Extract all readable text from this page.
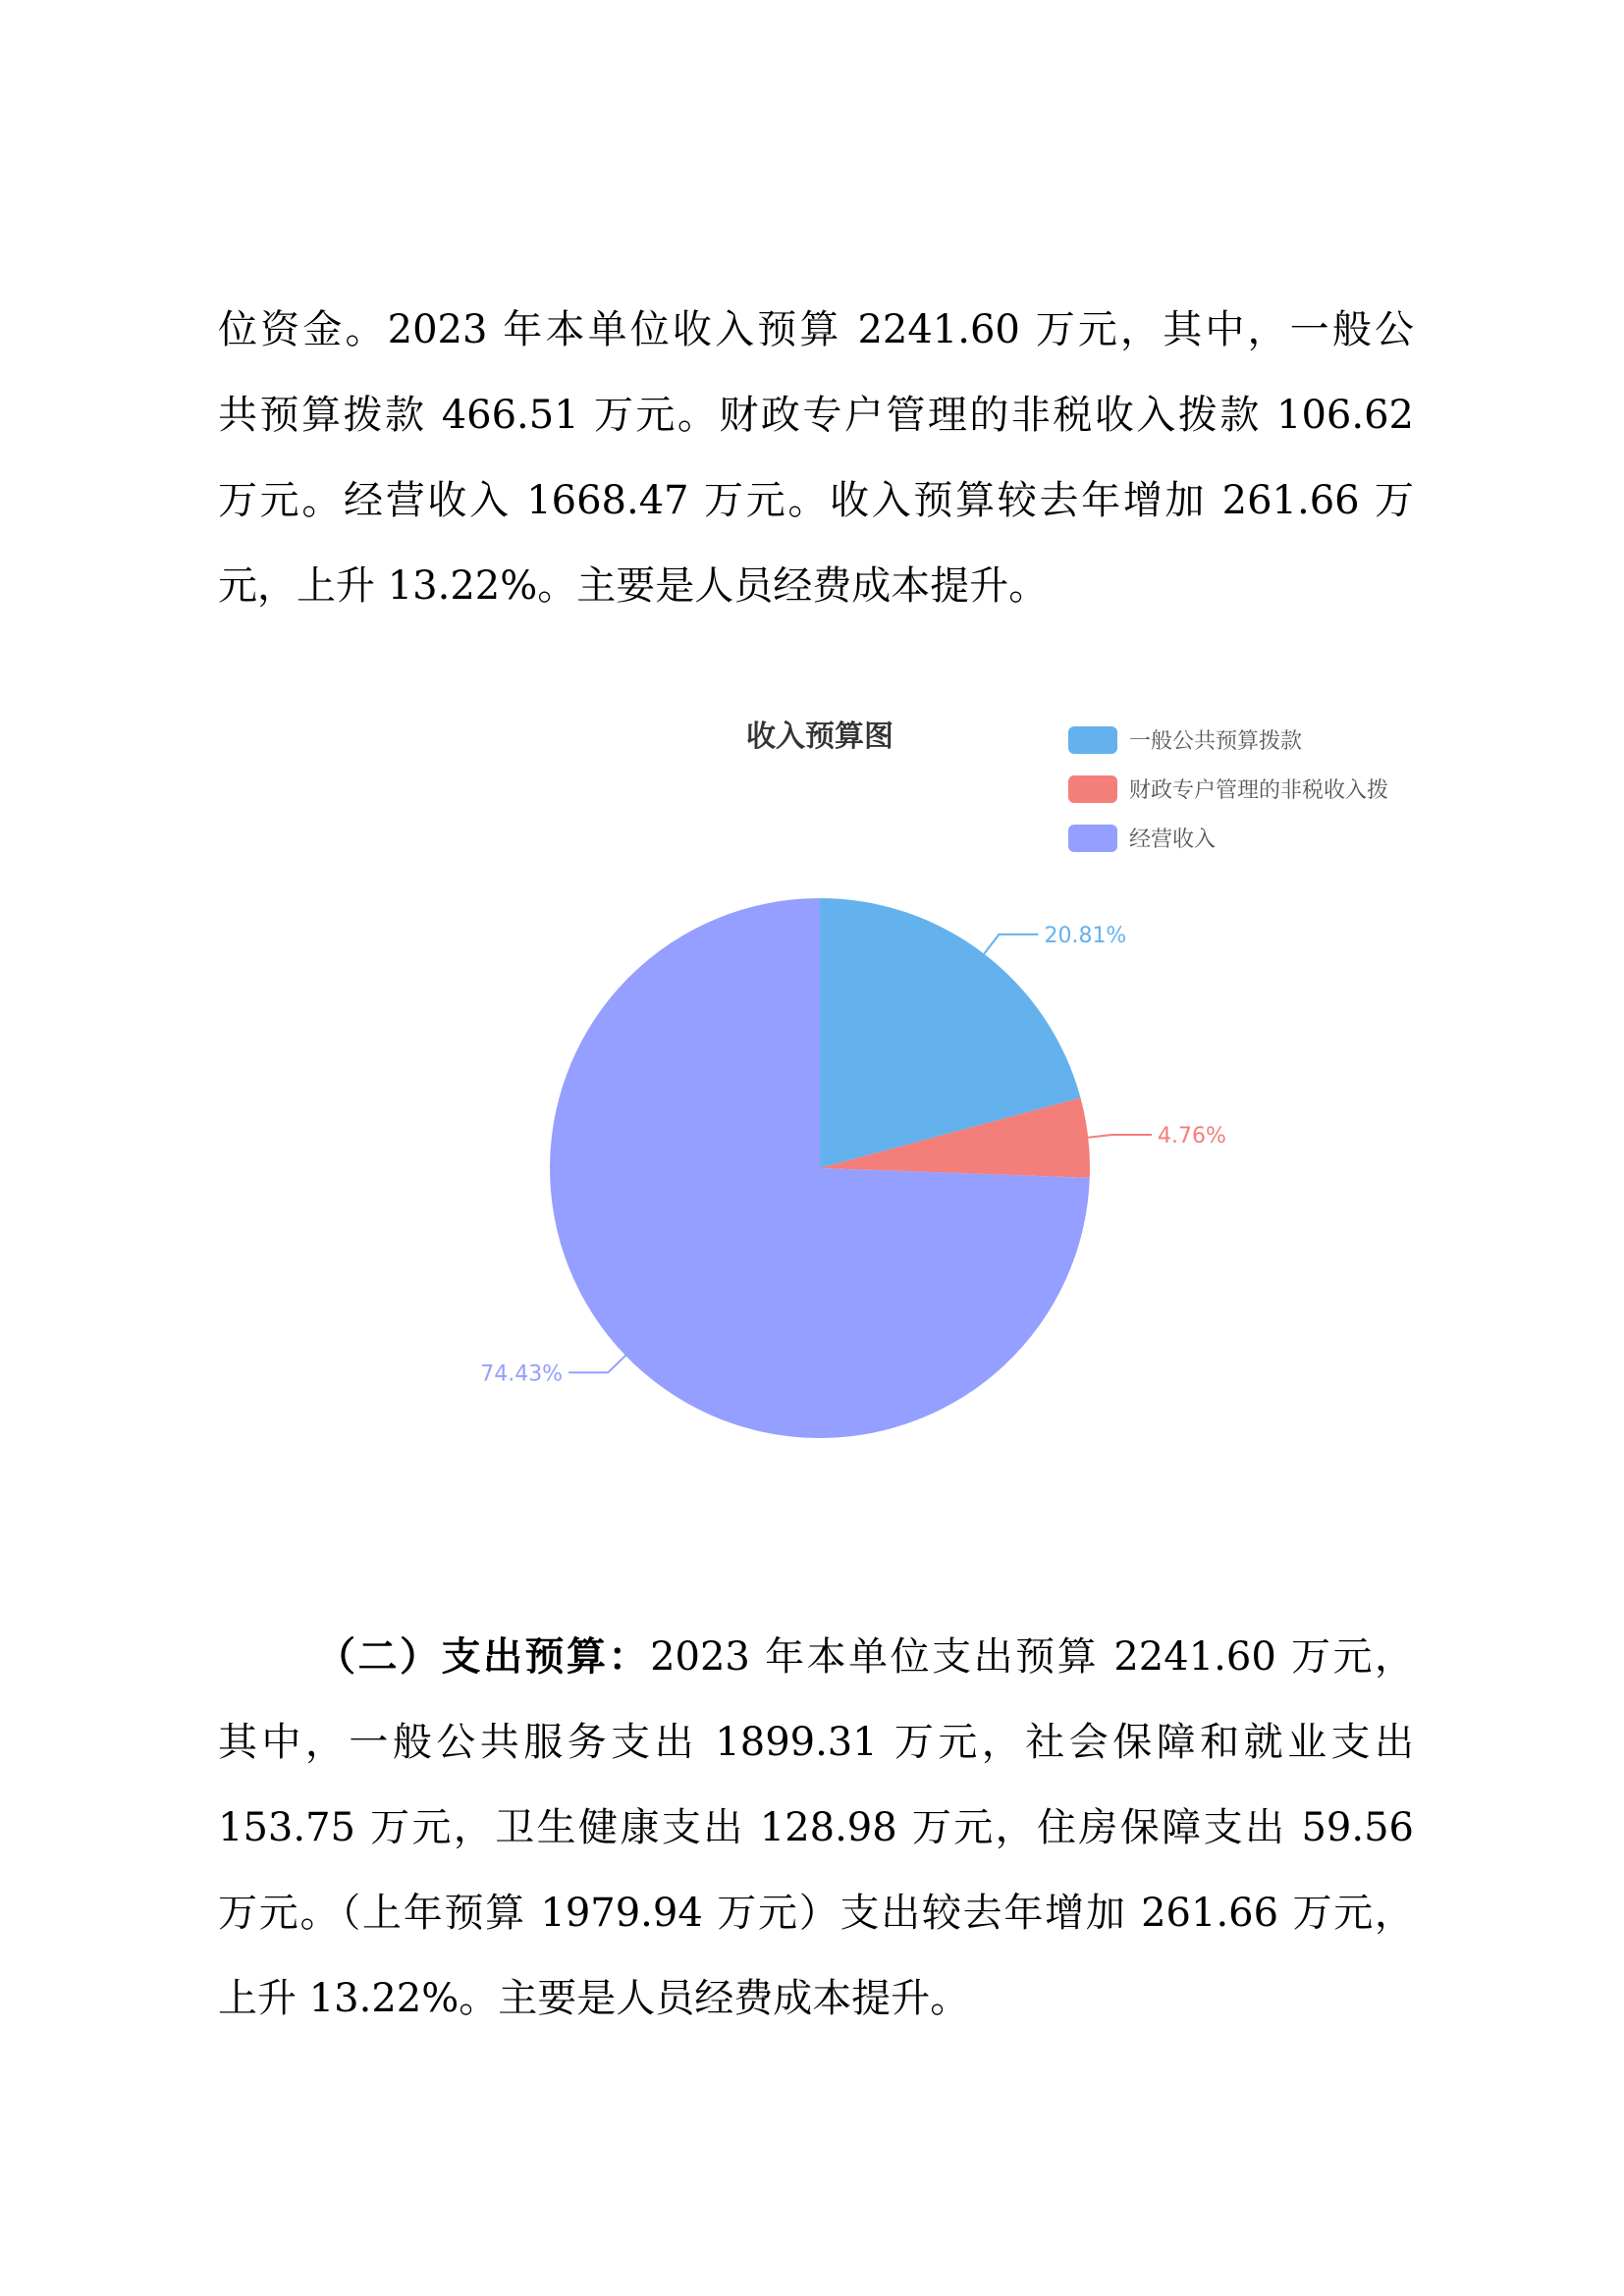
位资金。2023 年本单位收入预算 2241.60 万元，其中，一般公
共预算拨款 466.51 万元。财政专户管理的非税收入拨款 106.62
万元。经营收入 1668.47 万元。收入预算较去年增加 261.66 万
元，上升 13.22%。主要是人员经费成本提升。
收入预算图	一般公共预算拨款
财政专户管理的非税收入拨
经营收入
20.81%
4.76%
74.43%
（二）支出预算：2023 年本单位支出预算 2241.60 万元，
其中，一般公共服务支出 1899.31 万元，社会保障和就业支出
153.75 万元，卫生健康支出 128.98 万元，住房保障支出 59.56
万元。（上年预算 1979.94 万元）支出较去年增加 261.66 万元，
上升 13.22%。主要是人员经费成本提升。
